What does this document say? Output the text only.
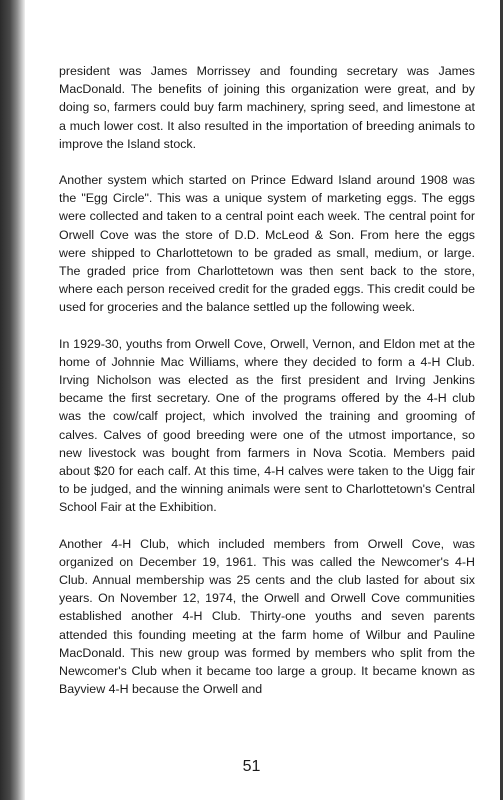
president was James Morrissey and founding secretary was James MacDonald. The benefits of joining this organization were great, and by doing so, farmers could buy farm machinery, spring seed, and limestone at a much lower cost. It also resulted in the importation of breeding animals to improve the Island stock.

Another system which started on Prince Edward Island around 1908 was the "Egg Circle". This was a unique system of marketing eggs. The eggs were collected and taken to a central point each week. The central point for Orwell Cove was the store of D.D. McLeod & Son. From here the eggs were shipped to Charlottetown to be graded as small, medium, or large. The graded price from Charlottetown was then sent back to the store, where each person received credit for the graded eggs. This credit could be used for groceries and the balance settled up the following week.

In 1929-30, youths from Orwell Cove, Orwell, Vernon, and Eldon met at the home of Johnnie Mac Williams, where they decided to form a 4-H Club. Irving Nicholson was elected as the first president and Irving Jenkins became the first secretary. One of the programs offered by the 4-H club was the cow/calf project, which involved the training and grooming of calves. Calves of good breeding were one of the utmost importance, so new livestock was bought from farmers in Nova Scotia. Members paid about $20 for each calf. At this time, 4-H calves were taken to the Uigg fair to be judged, and the winning animals were sent to Charlottetown's Central School Fair at the Exhibition.

Another 4-H Club, which included members from Orwell Cove, was organized on December 19, 1961. This was called the Newcomer's 4-H Club. Annual membership was 25 cents and the club lasted for about six years. On November 12, 1974, the Orwell and Orwell Cove communities established another 4-H Club. Thirty-one youths and seven parents attended this founding meeting at the farm home of Wilbur and Pauline MacDonald. This new group was formed by members who split from the Newcomer's Club when it became too large a group. It became known as Bayview 4-H because the Orwell and

51
